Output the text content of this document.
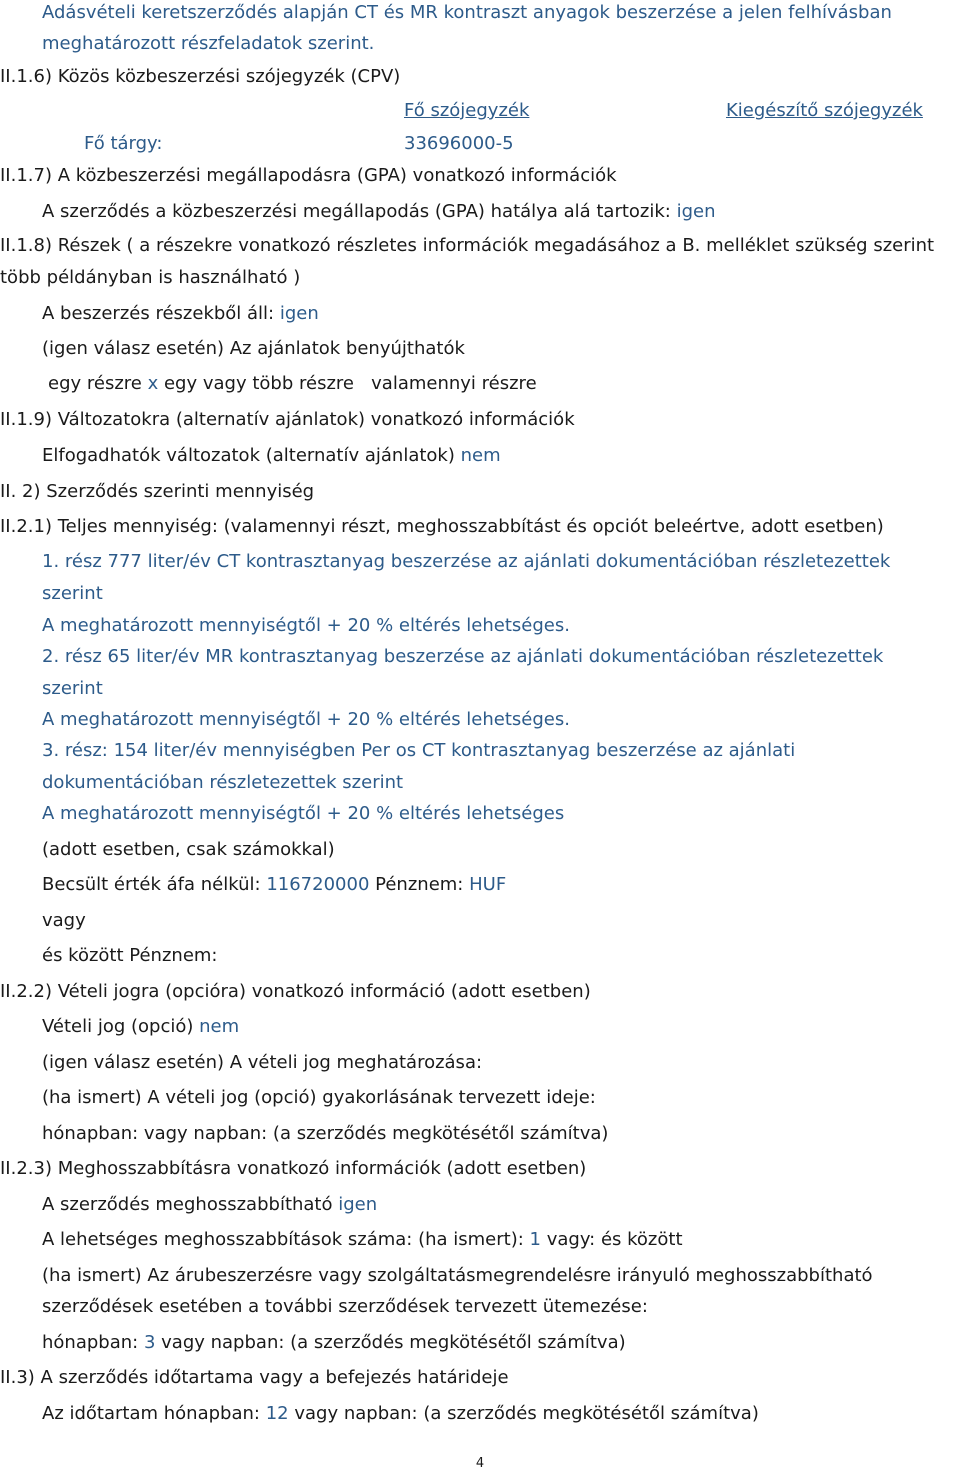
Adásvételi keretszerződés alapján CT és MR kontraszt anyagok beszerzése a jelen felhívásban
meghatározott részfeladatok szerint.
II.1.6) Közös közbeszerzési szójegyzék (CPV)
Fő szójegyzék	Kiegészítő szójegyzék
Fő tárgy:	33696000-5
II.1.7) A közbeszerzési megállapodásra (GPA) vonatkozó információk
A szerződés a közbeszerzési megállapodás (GPA) hatálya alá tartozik: igen
II.1.8) Részek ( a részekre vonatkozó részletes információk megadásához a B. melléklet szükség szerint
több példányban is használható )
A beszerzés részekből áll: igen
(igen válasz esetén) Az ajánlatok benyújthatók
egy részre x egy vagy több részre valamennyi részre
II.1.9) Változatokra (alternatív ajánlatok) vonatkozó információk
Elfogadhatók változatok (alternatív ajánlatok) nem
II. 2) Szerződés szerinti mennyiség
II.2.1) Teljes mennyiség: (valamennyi részt, meghosszabbítást és opciót beleértve, adott esetben)
1. rész 777 liter/év CT kontrasztanyag beszerzése az ajánlati dokumentációban részletezettek
szerint
A meghatározott mennyiségtől + 20 % eltérés lehetséges.
2. rész 65 liter/év MR kontrasztanyag beszerzése az ajánlati dokumentációban részletezettek
szerint
A meghatározott mennyiségtől + 20 % eltérés lehetséges.
3. rész: 154 liter/év mennyiségben Per os CT kontrasztanyag beszerzése az ajánlati
dokumentációban részletezettek szerint
A meghatározott mennyiségtől + 20 % eltérés lehetséges
(adott esetben, csak számokkal)
Becsült érték áfa nélkül: 116720000 Pénznem: HUF
vagy
és között Pénznem:
II.2.2) Vételi jogra (opcióra) vonatkozó információ (adott esetben)
Vételi jog (opció) nem
(igen válasz esetén) A vételi jog meghatározása:
(ha ismert) A vételi jog (opció) gyakorlásának tervezett ideje:
hónapban: vagy napban: (a szerződés megkötésétől számítva)
II.2.3) Meghosszabbításra vonatkozó információk (adott esetben)
A szerződés meghosszabbítható igen
A lehetséges meghosszabbítások száma: (ha ismert): 1 vagy: és között
(ha ismert) Az árubeszerzésre vagy szolgáltatásmegrendelésre irányuló meghosszabbítható
szerződések esetében a további szerződések tervezett ütemezése:
hónapban: 3 vagy napban: (a szerződés megkötésétől számítva)
II.3) A szerződés időtartama vagy a befejezés határideje
Az időtartam hónapban: 12 vagy napban: (a szerződés megkötésétől számítva)
4
